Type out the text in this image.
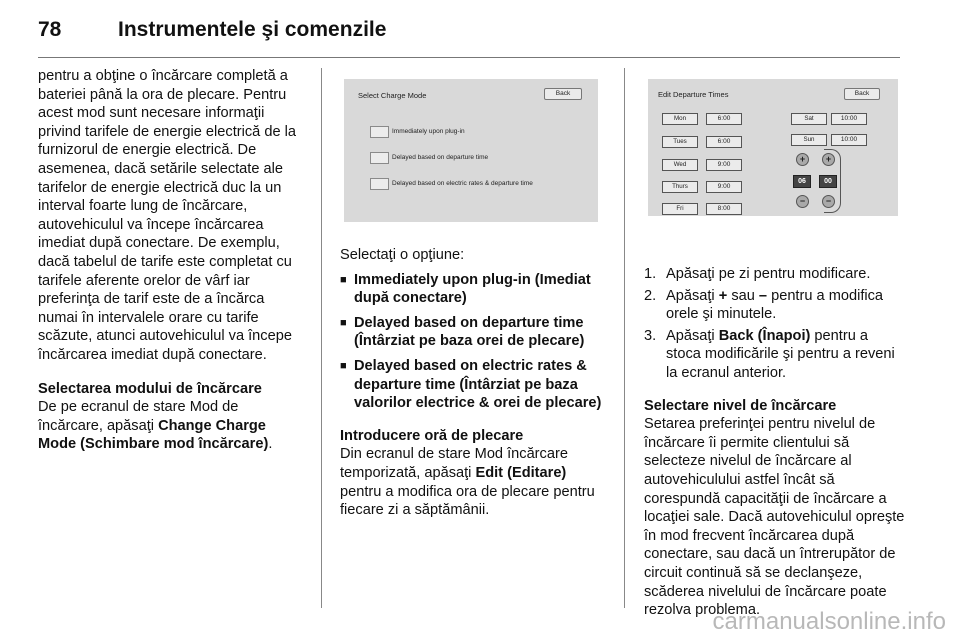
78	Instrumentele şi comenzile

pentru a obţine o încărcare completă a bateriei până la ora de plecare. Pentru acest mod sunt necesare informaţii privind tarifele de energie electrică de la furnizorul de energie electrică. De asemenea, dacă setările selectate ale tarifelor de energie electrică duc la un interval foarte lung de încărcare, autovehiculul va începe încărcarea imediat după conectare. De exemplu, dacă tabelul de tarife este completat cu tarifele aferente orelor de vârf iar preferinţa de tarif este de a încărca numai în intervalele orare cu tarife scăzute, atunci autovehiculul va începe încărcarea imediat după conectare.

Selectarea modului de încărcare

De pe ecranul de stare Mod de încărcare, apăsaţi Change Charge Mode (Schimbare mod încărcare).

Select Charge Mode	Back
Immediately upon plug-in
Delayed based on departure time
Delayed based on electric rates & departure time

Selectaţi o opţiune:

■ Immediately upon plug-in (Imediat după conectare)
■ Delayed based on departure time (Întârziat pe baza orei de plecare)
■ Delayed based on electric rates & departure time (Întârziat pe baza valorilor electrice & orei de plecare)

Introducere oră de plecare

Din ecranul de stare Mod încărcare temporizată, apăsaţi Edit (Editare) pentru a modifica ora de plecare pentru fiecare zi a săptămânii.

Edit Departure Times	Back
Mon	6:00
Tues	6:00
Wed	9:00
Thurs	9:00
Fri	8:00
Sat	10:00
Sun	10:00
+
06
−
+
00
−
1. Apăsaţi pe zi pentru modificare.
2. Apăsaţi + sau – pentru a modifica orele şi minutele.
3. Apăsaţi Back (Înapoi) pentru a stoca modificările şi pentru a reveni la ecranul anterior.

Selectare nivel de încărcare

Setarea preferinţei pentru nivelul de încărcare îi permite clientului să selecteze nivelul de încărcare al autovehiculului astfel încât să corespundă capacităţii de încărcare a locaţiei sale. Dacă autovehiculul opreşte în mod frecvent încărcarea după conectare, sau dacă un întrerupător de circuit continuă să se declanşeze, scăderea nivelului de încărcare poate rezolva problema.

carmanualsonline.info
